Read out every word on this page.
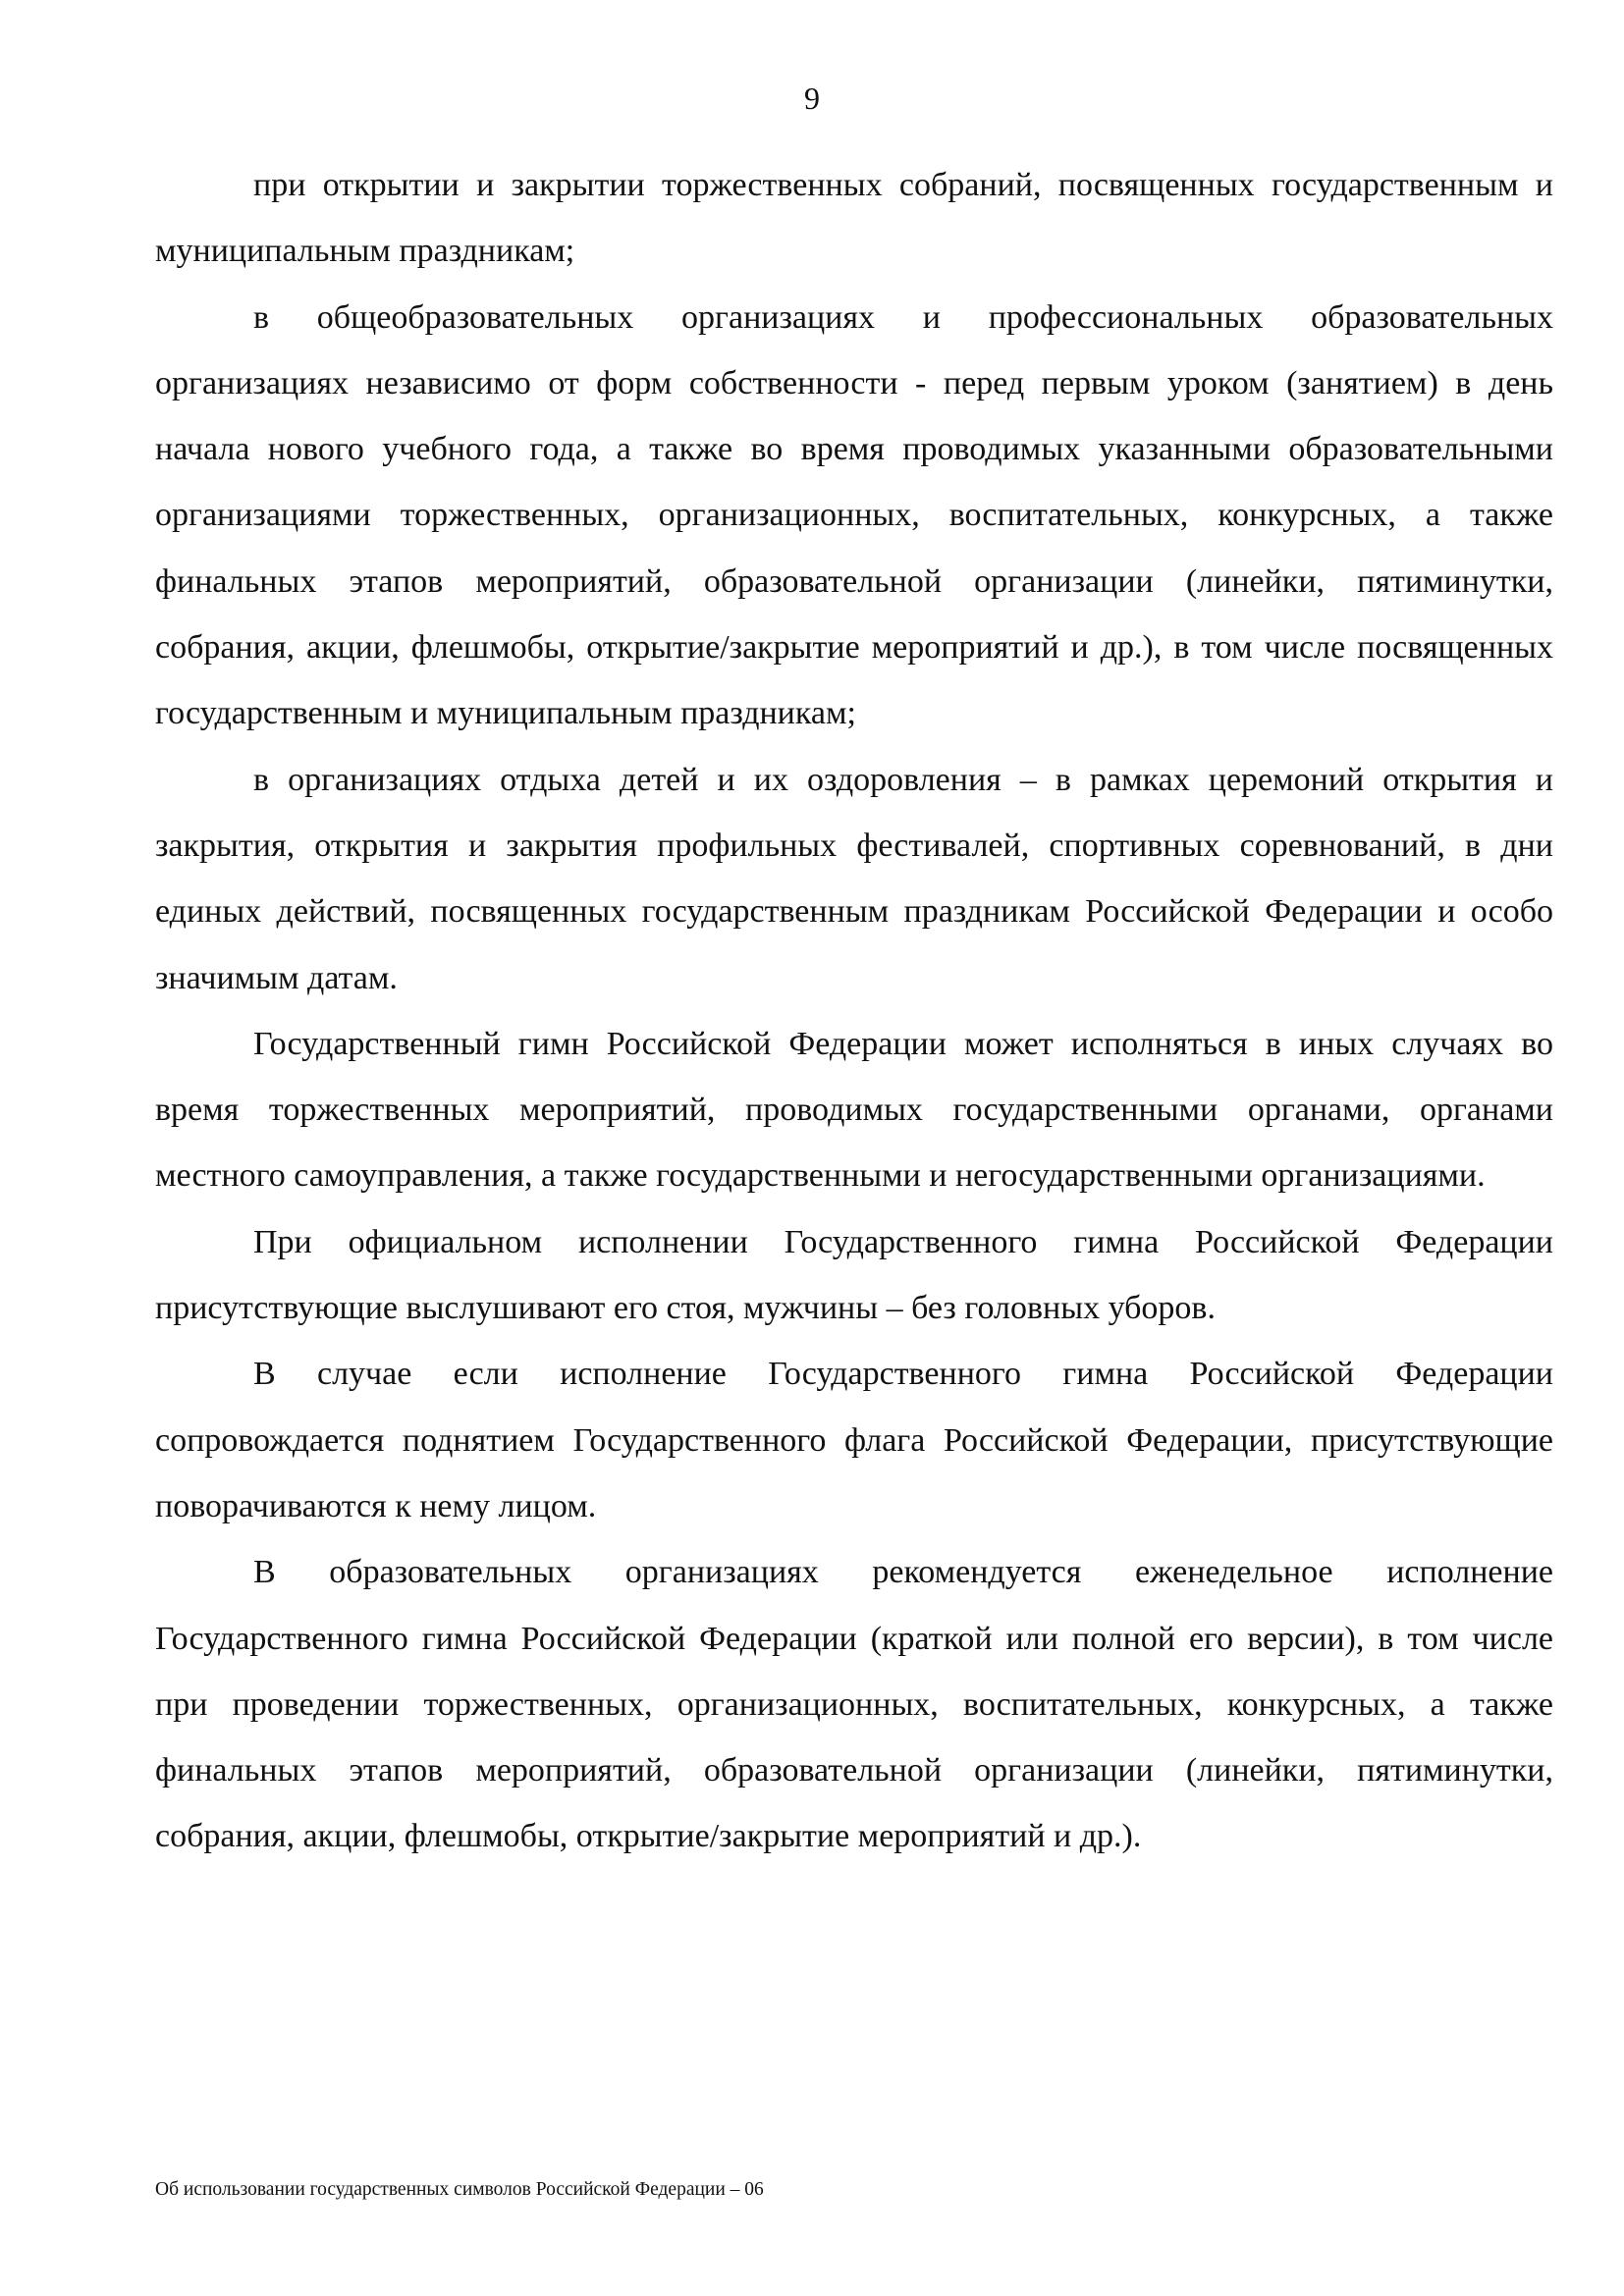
9

при открытии и закрытии торжественных собраний, посвященных государственным и муниципальным праздникам;

в общеобразовательных организациях и профессиональных образовательных организациях независимо от форм собственности - перед первым уроком (занятием) в день начала нового учебного года, а также во время проводимых указанными образовательными организациями торжественных, организационных, воспитательных, конкурсных, а также финальных этапов мероприятий, образовательной организации (линейки, пятиминутки, собрания, акции, флешмобы, открытие/закрытие мероприятий и др.), в том числе посвященных государственным и муниципальным праздникам;

в организациях отдыха детей и их оздоровления – в рамках церемоний открытия и закрытия, открытия и закрытия профильных фестивалей, спортивных соревнований, в дни единых действий, посвященных государственным праздникам Российской Федерации и особо значимым датам.

Государственный гимн Российской Федерации может исполняться в иных случаях во время торжественных мероприятий, проводимых государственными органами, органами местного самоуправления, а также государственными и негосударственными организациями.

При официальном исполнении Государственного гимна Российской Федерации присутствующие выслушивают его стоя, мужчины – без головных уборов.

В случае если исполнение Государственного гимна Российской Федерации сопровождается поднятием Государственного флага Российской Федерации, присутствующие поворачиваются к нему лицом.

В образовательных организациях рекомендуется еженедельное исполнение Государственного гимна Российской Федерации (краткой или полной его версии), в том числе при проведении торжественных, организационных, воспитательных, конкурсных, а также финальных этапов мероприятий, образовательной организации (линейки, пятиминутки, собрания, акции, флешмобы, открытие/закрытие мероприятий и др.).

Об использовании государственных символов Российской Федерации – 06
